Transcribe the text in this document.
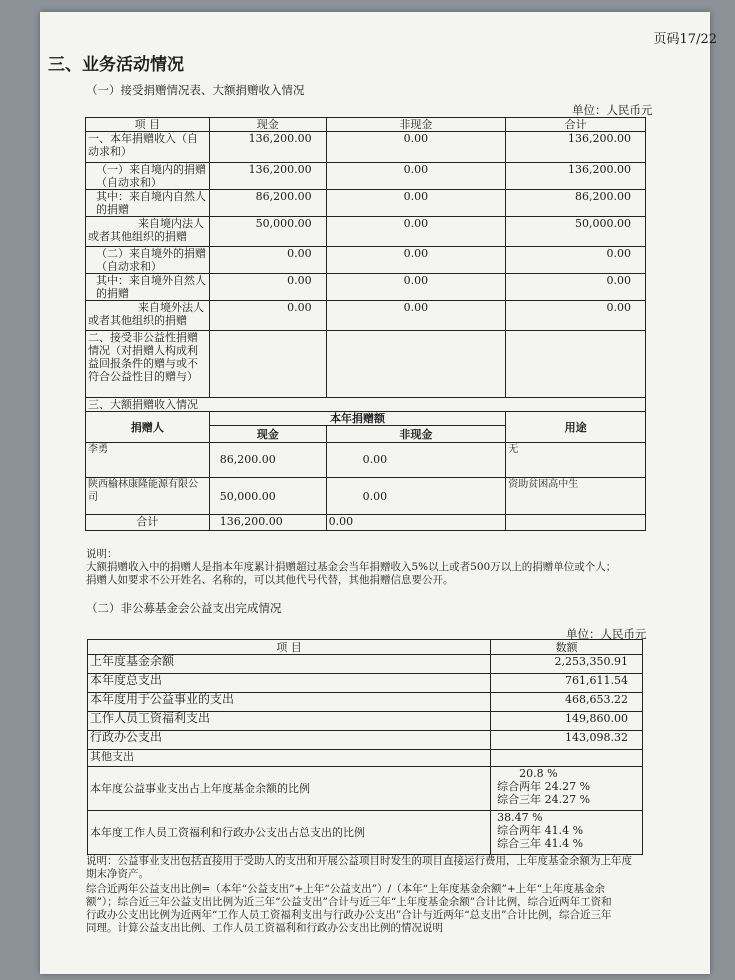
页码17/22
三、业务活动情况
（一）接受捐赠情况表、大额捐赠收入情况
单位：人民币元
项 目	现金	非现金	合计
一、本年捐赠收入（自动求和）	136,200.00	0.00	136,200.00
（一）来自境内的捐赠（自动求和）	136,200.00	0.00	136,200.00
其中：来自境内自然人的捐赠	86,200.00	0.00	86,200.00
来自境内法人或者其他组织的捐赠	50,000.00	0.00	50,000.00
（二）来自境外的捐赠（自动求和）	0.00	0.00	0.00
其中：来自境外自然人的捐赠	0.00	0.00	0.00
来自境外法人或者其他组织的捐赠	0.00	0.00	0.00
二、接受非公益性捐赠情况（对捐赠人构成利益回报条件的赠与或不符合公益性目的赠与）			
三、大额捐赠收入情况			
捐赠人	本年捐赠额		用途
	现金	非现金	
李勇	86,200.00	0.00	无
陕西榆林康隆能源有限公司	50,000.00	0.00	资助贫困高中生
合计	136,200.00	0.00	
说明：
大额捐赠收入中的捐赠人是指本年度累计捐赠超过基金会当年捐赠收入5%以上或者500万以上的捐赠单位或个人；
捐赠人如要求不公开姓名、名称的，可以其他代号代替，其他捐赠信息要公开。
（二）非公募基金会公益支出完成情况
单位：人民币元
项 目	数额
上年度基金余额	2,253,350.91
本年度总支出	761,611.54
本年度用于公益事业的支出	468,653.22
工作人员工资福利支出	149,860.00
行政办公支出	143,098.32
其他支出	
本年度公益事业支出占上年度基金余额的比例	20.8 %
综合两年 24.27 %
综合三年 24.27 %

本年度工作人员工资福利和行政办公支出占总支出的比例	38.47 %
综合两年 41.4 %
综合三年 41.4 %
说明：公益事业支出包括直接用于受助人的支出和开展公益项目时发生的项目直接运行费用，上年度基金余额为上年度
期末净资产。
综合近两年公益支出比例=（本年“公益支出”+上年“公益支出”）/（本年“上年度基金余额”+上年“上年度基金余
额”）；综合近三年公益支出比例为近三年“公益支出”合计与近三年“上年度基金余额”合计比例，综合近两年工资和
行政办公支出比例为近两年“工作人员工资福利支出与行政办公支出”合计与近两年“总支出”合计比例，综合近三年
同理。计算公益支出比例、工作人员工资福利和行政办公支出比例的情况说明
